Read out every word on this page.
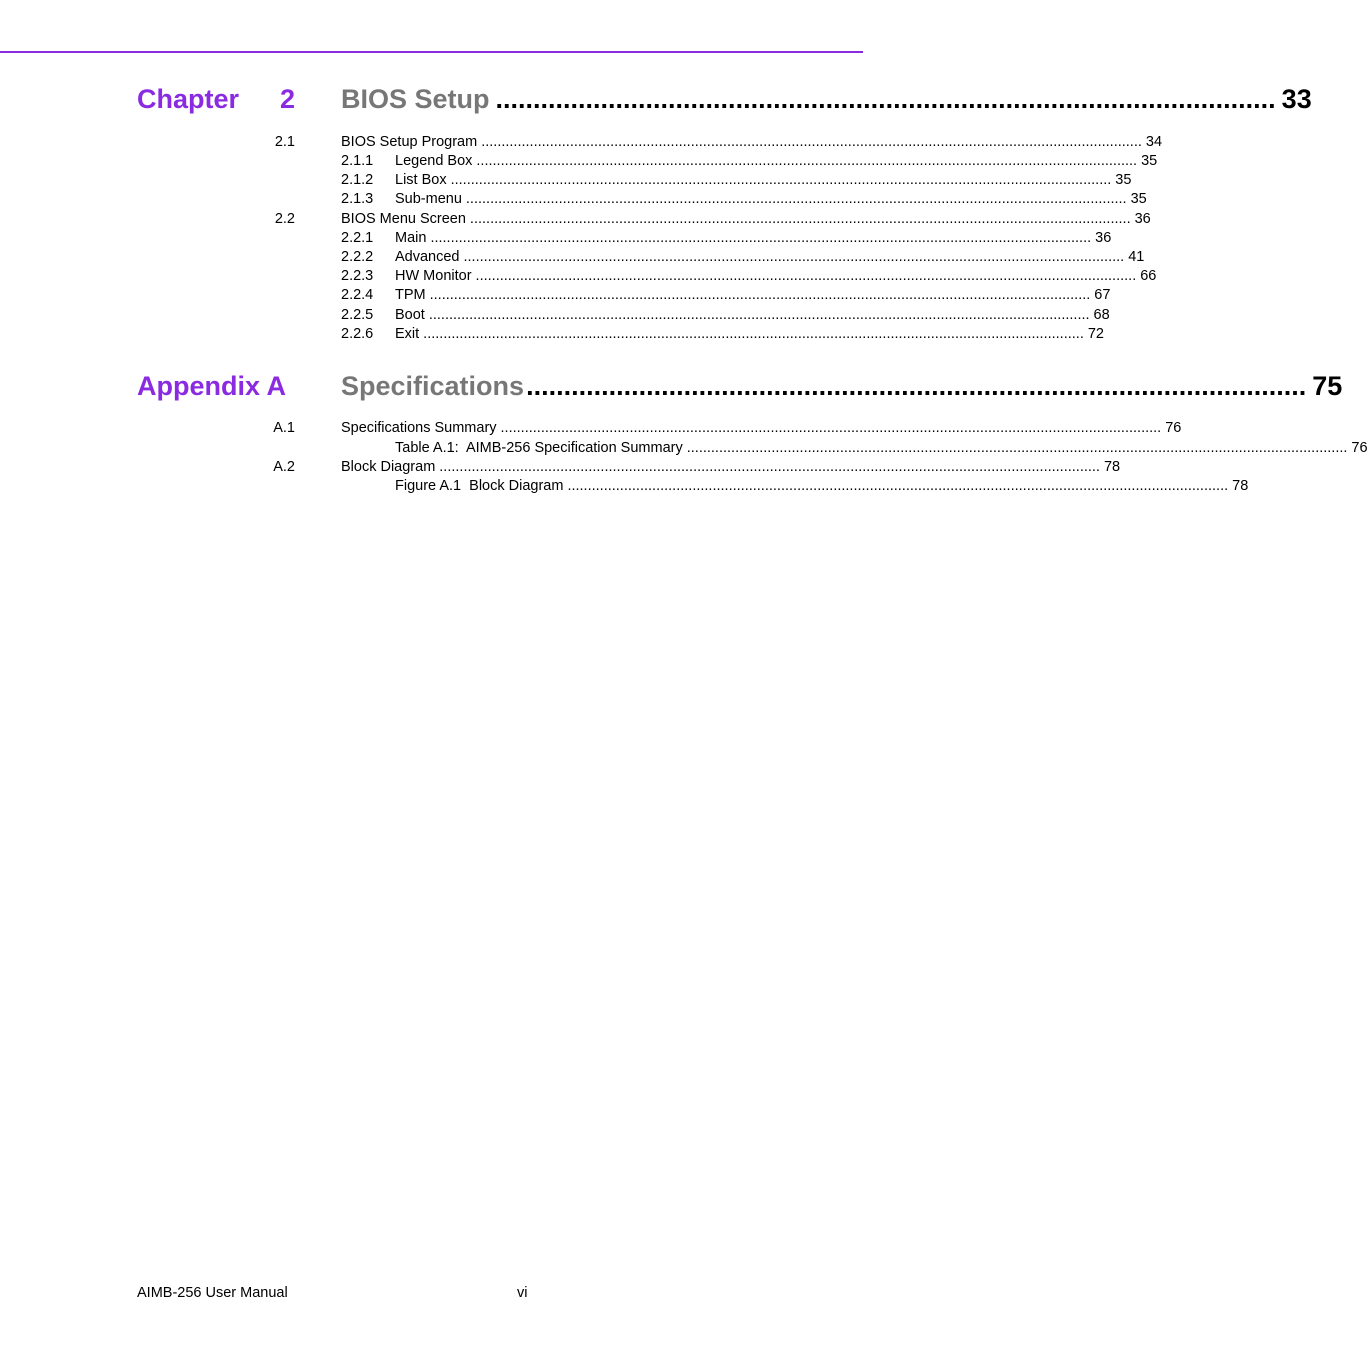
Chapter 2 BIOS Setup ........................................................................................................ 33
2.1	BIOS Setup Program .................................................................................................................................................................... 34
2.1.1 Legend Box .................................................................................................................................................................... 35
2.1.2 List Box .................................................................................................................................................................... 35
2.1.3 Sub-menu .................................................................................................................................................................... 35
2.2	BIOS Menu Screen .................................................................................................................................................................... 36
2.2.1 Main .................................................................................................................................................................... 36
2.2.2 Advanced .................................................................................................................................................................... 41
2.2.3 HW Monitor .................................................................................................................................................................... 66
2.2.4 TPM .................................................................................................................................................................... 67
2.2.5 Boot .................................................................................................................................................................... 68
2.2.6 Exit .................................................................................................................................................................... 72
Appendix A Specifications ........................................................................................................ 75
A.1	Specifications Summary .................................................................................................................................................................... 76
Table A.1:  AIMB-256 Specification Summary .................................................................................................................................................................... 76
A.2	Block Diagram .................................................................................................................................................................... 78
Figure A.1  Block Diagram .................................................................................................................................................................... 78
AIMB-256 User Manual	vi
